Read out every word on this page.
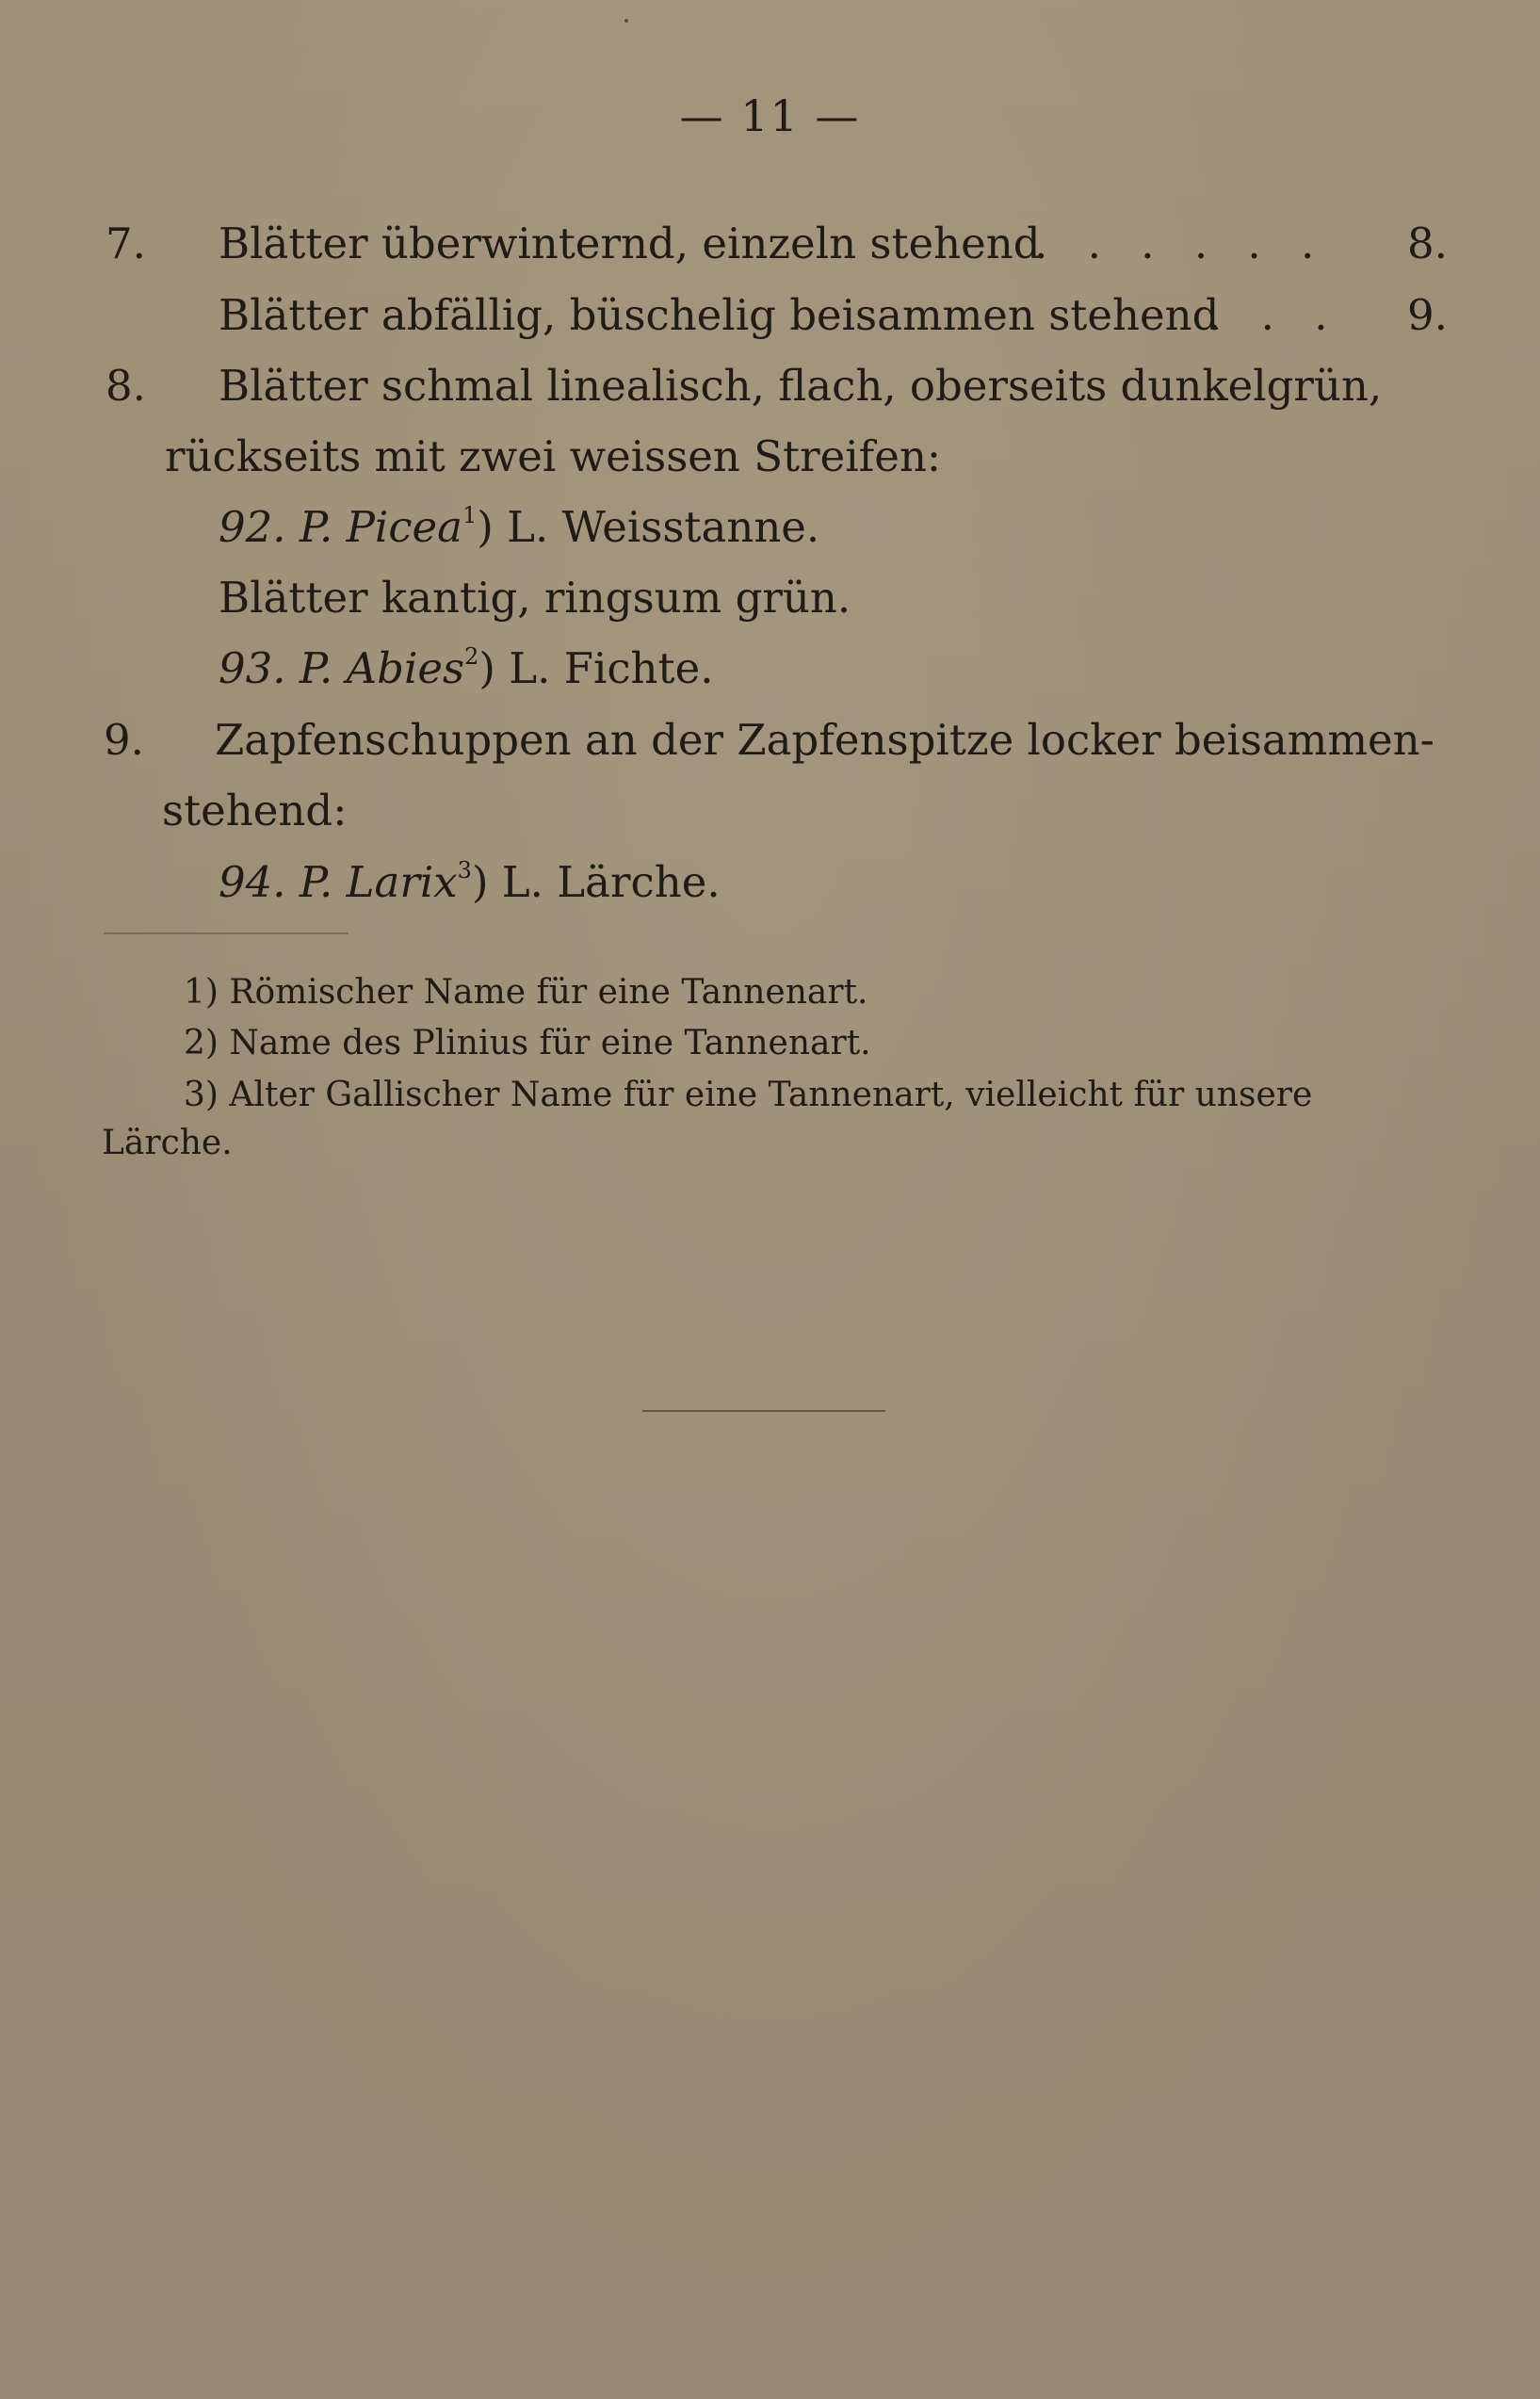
— 11 —
7. Blätter überwinternd, einzeln stehend
. . . . . . 8.
Blätter abfällig, büschelig beisammen stehend
. . . 9.
8. Blätter schmal linealisch, flach, oberseits dunkelgrün,
rückseits mit zwei weissen Streifen:
92. P. Picea$^1$) L. Weisstanne.
Blätter kantig, ringsum grün.
93. P. Abies$^2$) L. Fichte.
9. Zapfenschuppen an der Zapfenspitze locker beisammen-
stehend:
94. P. Larix$^3$) L. Lärche.
1) Römischer Name für eine Tannenart.
2) Name des Plinius für eine Tannenart.
3) Alter Gallischer Name für eine Tannenart, vielleicht für unsere
Lärche.
